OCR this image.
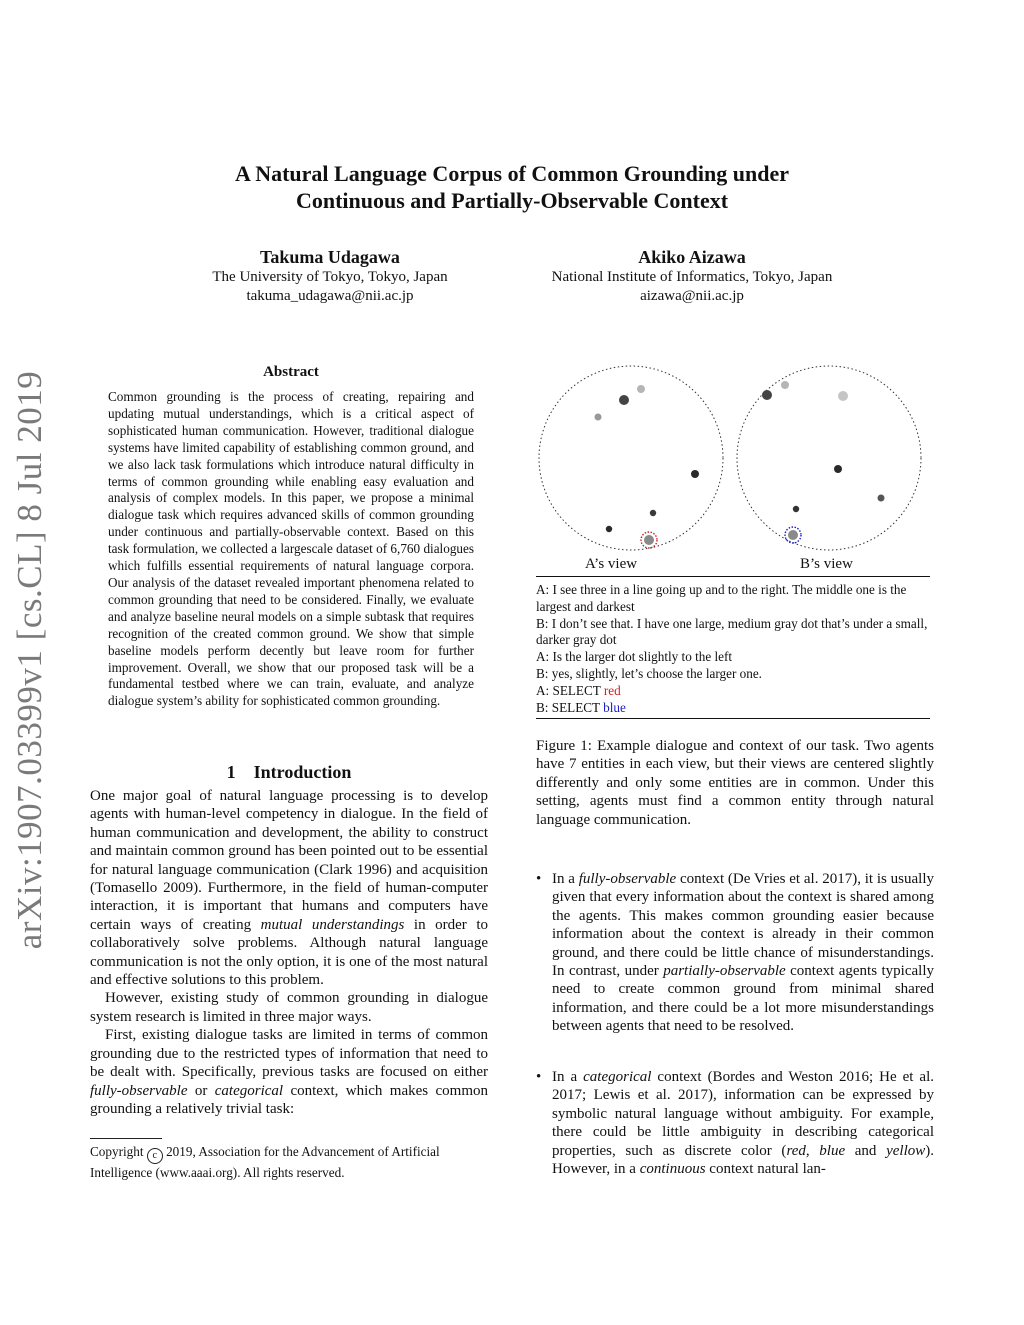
arXiv:1907.03399v1 [cs.CL] 8 Jul 2019
A Natural Language Corpus of Common Grounding under
Continuous and Partially-Observable Context
Takuma Udagawa
The University of Tokyo, Tokyo, Japan
takuma_udagawa@nii.ac.jp
Akiko Aizawa
National Institute of Informatics, Tokyo, Japan
aizawa@nii.ac.jp
Abstract

Common grounding is the process of creating, repairing and updating mutual understandings, which is a critical aspect of sophisticated human communication. However, traditional dialogue systems have limited capability of establishing common ground, and we also lack task formulations which introduce natural difficulty in terms of common grounding while enabling easy evaluation and analysis of complex models. In this paper, we propose a minimal dialogue task which requires advanced skills of common grounding under continuous and partially-observable context. Based on this task formulation, we collected a largescale dataset of 6,760 dialogues which fulfills essential requirements of natural language corpora. Our analysis of the dataset revealed important phenomena related to common grounding that need to be considered. Finally, we evaluate and analyze baseline neural models on a simple subtask that requires recognition of the created common ground. We show that simple baseline models perform decently but leave room for further improvement. Overall, we show that our proposed task will be a fundamental testbed where we can train, evaluate, and analyze dialogue system’s ability for sophisticated common grounding.

1 Introduction

One major goal of natural language processing is to develop agents with human-level competency in dialogue. In the field of human communication and development, the ability to construct and maintain common ground has been pointed out to be essential for natural language communication (Clark 1996) and acquisition (Tomasello 2009). Furthermore, in the field of human-computer interaction, it is important that humans and computers have certain ways of creating mutual understandings in order to collaboratively solve problems. Although natural language communication is not the only option, it is one of the most natural and effective solutions to this problem.

However, existing study of common grounding in dialogue system research is limited in three major ways.

First, existing dialogue tasks are limited in terms of common grounding due to the restricted types of information that need to be dealt with. Specifically, previous tasks are focused on either fully-observable or categorical context, which makes common grounding a relatively trivial task:

Copyright c 2019, Association for the Advancement of Artificial Intelligence (www.aaai.org). All rights reserved.

A’s view	B’s view
A: I see three in a line going up and to the right. The middle one is the largest and darkest
B: I don’t see that. I have one large, medium gray dot that’s under a small, darker gray dot
A: Is the larger dot slightly to the left
B: yes, slightly, let’s choose the larger one.
A: SELECT red
B: SELECT blue

Figure 1: Example dialogue and context of our task. Two agents have 7 entities in each view, but their views are centered slightly differently and only some entities are in common. Under this setting, agents must find a common entity through natural language communication.

• In a fully-observable context (De Vries et al. 2017), it is usually given that every information about the context is shared among the agents. This makes common grounding easier because information about the context is already in their common ground, and there could be little chance of misunderstandings. In contrast, under partially-observable context agents typically need to create common ground from minimal shared information, and there could be a lot more misunderstandings between agents that need to be resolved.
• In a categorical context (Bordes and Weston 2016; He et al. 2017; Lewis et al. 2017), information can be expressed by symbolic natural language without ambiguity. For example, there could be little ambiguity in describing categorical properties, such as discrete color (red, blue and yellow). However, in a continuous context natural lan-
